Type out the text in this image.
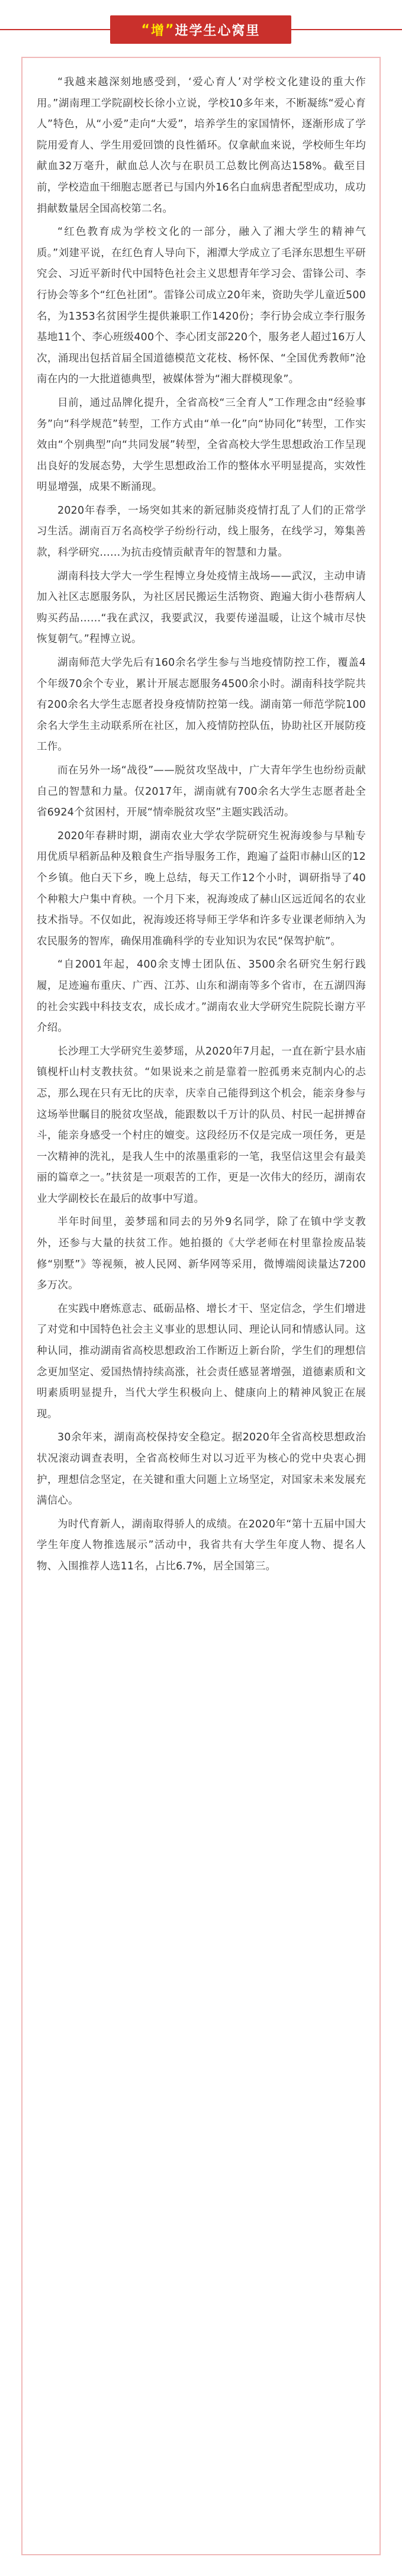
“ 增 ” 进学生心窝里

“我越来越深刻地感受到，‘爱心育人’对学校文化建设的重大作用。”湖南理工学院副校长徐小立说，学校10多年来，不断凝练“爱心育人”特色，从“小爱”走向“大爱”，培养学生的家国情怀，逐渐形成了学院用爱育人、学生用爱回馈的良性循环。仅拿献血来说，学校师生年均献血32万毫升，献血总人次与在职员工总数比例高达158%。截至目前，学校造血干细胞志愿者已与国内外16名白血病患者配型成功，成功捐献数量居全国高校第二名。

“红色教育成为学校文化的一部分，融入了湘大学生的精神气质。”刘建平说，在红色育人导向下，湘潭大学成立了毛泽东思想生平研究会、习近平新时代中国特色社会主义思想青年学习会、雷锋公司、李行协会等多个“红色社团”。雷锋公司成立20年来，资助失学儿童近500名，为1353名贫困学生提供兼职工作1420份；李行协会成立李行服务基地11个、李心班级400个、李心团支部220个，服务老人超过16万人次，涌现出包括首届全国道德模范文花枝、杨怀保、“全国优秀教师”沧南在内的一大批道德典型，被媒体誉为“湘大群模现象”。

目前，通过品牌化提升，全省高校“三全育人”工作理念由“经验事务”向“科学规范”转型，工作方式由“单一化”向“协同化”转型，工作实效由“个别典型”向“共同发展”转型，全省高校大学生思想政治工作呈现出良好的发展态势，大学生思想政治工作的整体水平明显提高，实效性明显增强，成果不断涌现。

2020年春季，一场突如其来的新冠肺炎疫情打乱了人们的正常学习生活。湖南百万名高校学子纷纷行动，线上服务，在线学习，筹集善款，科学研究……为抗击疫情贡献青年的智慧和力量。

湖南科技大学大一学生程博立身处疫情主战场——武汉，主动申请加入社区志愿服务队，为社区居民搬运生活物资、跑遍大街小巷帮病人购买药品……“我在武汉，我要武汉，我要传递温暖，让这个城市尽快恢复朝气。”程博立说。

湖南师范大学先后有160余名学生参与当地疫情防控工作，覆盖4个年级70余个专业，累计开展志愿服务4500余小时。湖南科技学院共有200余名大学生志愿者投身疫情防控第一线。湖南第一师范学院100余名大学生主动联系所在社区，加入疫情防控队伍，协助社区开展防疫工作。

而在另外一场“战役”——脱贫攻坚战中，广大青年学生也纷纷贡献自己的智慧和力量。仅2017年，湖南就有700余名大学生志愿者赴全省6924个贫困村，开展“情牵脱贫攻坚”主题实践活动。

2020年春耕时期，湖南农业大学农学院研究生祝海竣参与早籼专用优质早稻新品种及粮食生产指导服务工作，跑遍了益阳市赫山区的12个乡镇。他白天下乡，晚上总结，每天工作12个小时，调研指导了40个种粮大户集中育秧。一个月下来，祝海竣成了赫山区远近闻名的农业技术指导。不仅如此，祝海竣还将导师王学华和许多专业课老师纳入为农民服务的智库，确保用准确科学的专业知识为农民“保驾护航”。

“自2001年起，400余支博士团队伍、3500余名研究生躬行践履，足迹遍布重庆、广西、江苏、山东和湖南等多个省市，在五湖四海的社会实践中科技支农，成长成才。”湖南农业大学研究生院院长谢方平介绍。

长沙理工大学研究生姜梦瑶，从2020年7月起，一直在新宁县水庙镇枧杆山村支教扶贫。“如果说来之前是靠着一腔孤勇来克制内心的忐忑，那么现在只有无比的庆幸，庆幸自己能得到这个机会，能亲身参与这场举世瞩目的脱贫攻坚战，能跟数以千万计的队员、村民一起拼搏奋斗，能亲身感受一个村庄的嬗变。这段经历不仅是完成一项任务，更是一次精神的洗礼，是我人生中的浓墨重彩的一笔，我坚信这里会有最美丽的篇章之一。”扶贫是一项艰苦的工作，更是一次伟大的经历，湖南农业大学副校长在最后的故事中写道。

半年时间里，姜梦瑶和同去的另外9名同学，除了在镇中学支教外，还参与大量的扶贫工作。她拍摄的《大学老师在村里靠捡废品装修“别墅”》等视频，被人民网、新华网等采用，微博端阅读量达7200多万次。

在实践中磨炼意志、砥砺品格、增长才干、坚定信念，学生们增进了对党和中国特色社会主义事业的思想认同、理论认同和情感认同。这种认同，推动湖南省高校思想政治工作断迈上新台阶，学生们的理想信念更加坚定、爱国热情持续高涨，社会责任感显著增强，道德素质和文明素质明显提升，当代大学生积极向上、健康向上的精神风貌正在展现。

30余年来，湖南高校保持安全稳定。据2020年全省高校思想政治状况滚动调查表明，全省高校师生对以习近平为核心的党中央衷心拥护，理想信念坚定，在关键和重大问题上立场坚定，对国家未来发展充满信心。

为时代育新人，湖南取得骄人的成绩。在2020年“第十五届中国大学生年度人物推选展示”活动中，我省共有大学生年度人物、提名人物、入围推荐人选11名，占比6.7%，居全国第三。
